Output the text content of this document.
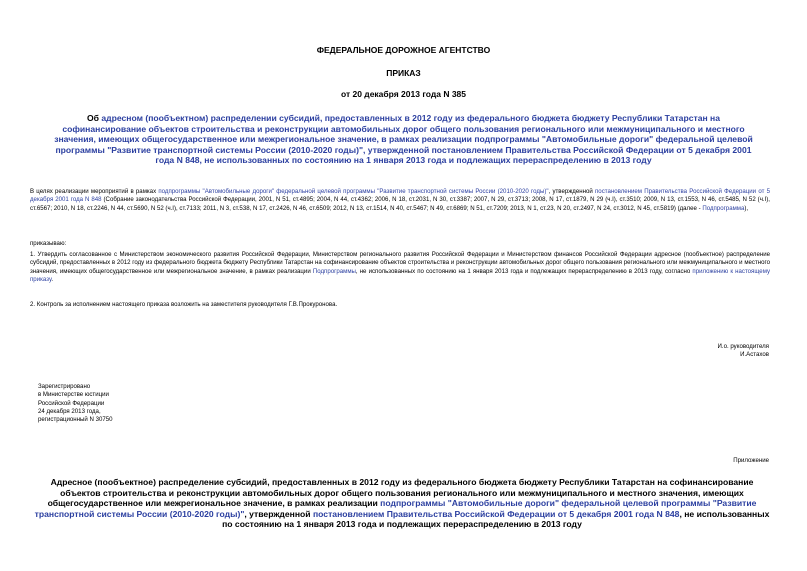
ФЕДЕРАЛЬНОЕ ДОРОЖНОЕ АГЕНТСТВО
ПРИКАЗ
от 20 декабря 2013 года N 385
Об адресном (пообъектном) распределении субсидий, предоставленных в 2012 году из федерального бюджета бюджету Республики Татарстан на софинансирование объектов строительства и реконструкции автомобильных дорог общего пользования регионального или межмуниципального и местного значения, имеющих общегосударственное или межрегиональное значение, в рамках реализации подпрограммы "Автомобильные дороги" федеральной целевой программы "Развитие транспортной системы России (2010-2020 годы)", утвержденной постановлением Правительства Российской Федерации от 5 декабря 2001 года N 848, не использованных по состоянию на 1 января 2013 года и подлежащих перераспределению в 2013 году
В целях реализации мероприятий в рамках подпрограммы "Автомобильные дороги" федеральной целевой программы "Развитие транспортной системы России (2010-2020 годы)", утвержденной постановлением Правительства Российской Федерации от 5 декабря 2001 года N 848 (Собрание законодательства Российской Федерации, 2001, N 51, ст.4895; 2004, N 44, ст.4362; 2006, N 18, ст.2031, N 30, ст.3387; 2007, N 29, ст.3713; 2008, N 17, ст.1879, N 29 (ч.I), ст.3510; 2009, N 13, ст.1553, N 46, ст.5485, N 52 (ч.I), ст.6567; 2010, N 18, ст.2246, N 44, ст.5690, N 52 (ч.I), ст.7133; 2011, N 3, ст.538, N 17, ст.2426, N 46, ст.6509; 2012, N 13, ст.1514, N 40, ст.5467; N 49, ст.6869; N 51, ст.7209; 2013, N 1, ст.23, N 20, ст.2497, N 24, ст.3012, N 45, ст.5819) (далее - Подпрограмма),
приказываю:
1. Утвердить согласованное с Министерством экономического развития Российской Федерации, Министерством регионального развития Российской Федерации и Министерством финансов Российской Федерации адресное (пообъектное) распределение субсидий, предоставленных в 2012 году из федерального бюджета бюджету Республики Татарстан на софинансирование объектов строительства и реконструкции автомобильных дорог общего пользования регионального или межмуниципального и местного значения, имеющих общегосударственное или межрегиональное значение, в рамках реализации Подпрограммы, не использованных по состоянию на 1 января 2013 года и подлежащих перераспределению в 2013 году, согласно приложению к настоящему приказу.
2. Контроль за исполнением настоящего приказа возложить на заместителя руководителя Г.В.Прокуронова.
И.о. руководителя
И.Астахов
Зарегистрировано
в Министерстве юстиции
Российской Федерации
24 декабря 2013 года,
регистрационный N 30750
Приложение
Адресное (пообъектное) распределение субсидий, предоставленных в 2012 году из федерального бюджета бюджету Республики Татарстан на софинансирование объектов строительства и реконструкции автомобильных дорог общего пользования регионального или межмуниципального и местного значения, имеющих общегосударственное или межрегиональное значение, в рамках реализации подпрограммы "Автомобильные дороги" федеральной целевой программы "Развитие транспортной системы России (2010-2020 годы)", утвержденной постановлением Правительства Российской Федерации от 5 декабря 2001 года N 848, не использованных по состоянию на 1 января 2013 года и подлежащих перераспределению в 2013 году
